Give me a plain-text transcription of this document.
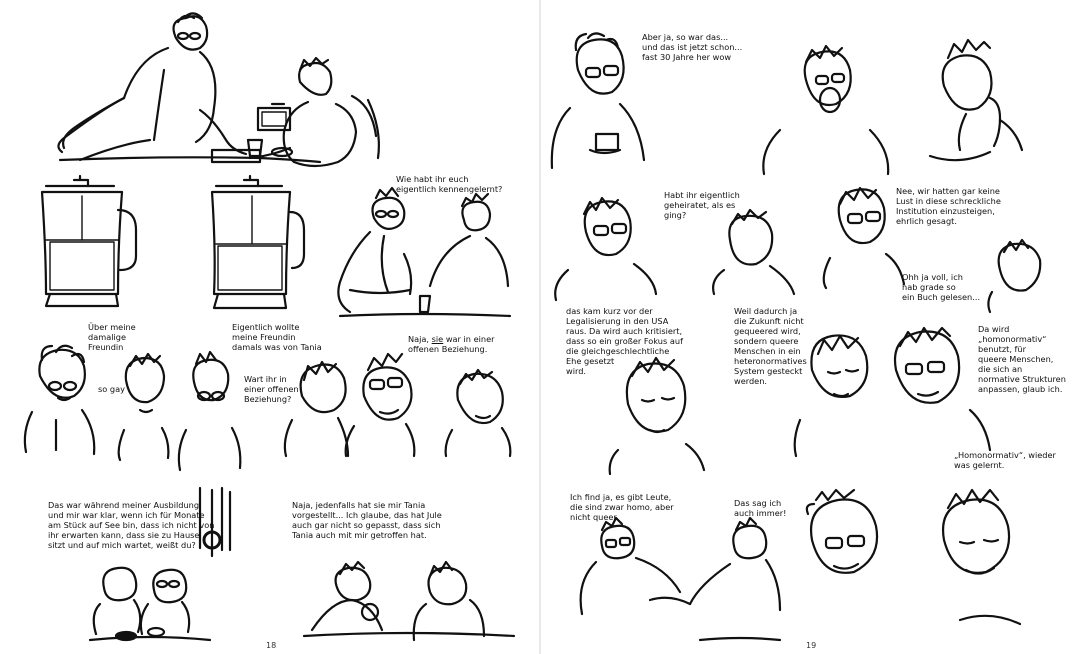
Wie habt ihr euch
eigentlich kennengelernt?

Über meine
damalige
Freundin

Eigentlich wollte
meine Freundin
damals was von Tania

Naja, sie war in einer
offenen Beziehung.

so gay

Wart ihr in
einer offenen
Beziehung?

Das war während meiner Ausbildung
und mir war klar, wenn ich für Monate
am Stück auf See bin, dass ich nicht von
ihr erwarten kann, dass sie zu Hause
sitzt und auf mich wartet, weißt du?

Naja, jedenfalls hat sie mir Tania
vorgestellt... Ich glaube, das hat Jule
auch gar nicht so gepasst, dass sich
Tania auch mit mir getroffen hat.

18

Aber ja, so war das...
und das ist jetzt schon...
fast 30 Jahre her wow

Habt ihr eigentlich
geheiratet, als es
ging?

Nee, wir hatten gar keine
Lust in diese schreckliche
Institution einzusteigen,
ehrlich gesagt.

Ohh ja voll, ich
hab grade so
ein Buch gelesen...

das kam kurz vor der
Legalisierung in den USA
raus. Da wird auch kritisiert,
dass so ein großer Fokus auf
die gleichgeschlechtliche
Ehe gesetzt
wird.

Weil dadurch ja
die Zukunft nicht
gequeered wird,
sondern queere
Menschen in ein
heteronormatives
System gesteckt
werden.

Da wird
„homonormativ“
benutzt, für
queere Menschen,
die sich an
normative Strukturen
anpassen, glaub ich.

„Homonormativ“, wieder
was gelernt.

Ich find ja, es gibt Leute,
die sind zwar homo, aber
nicht queer.

Das sag ich
auch immer!

19
